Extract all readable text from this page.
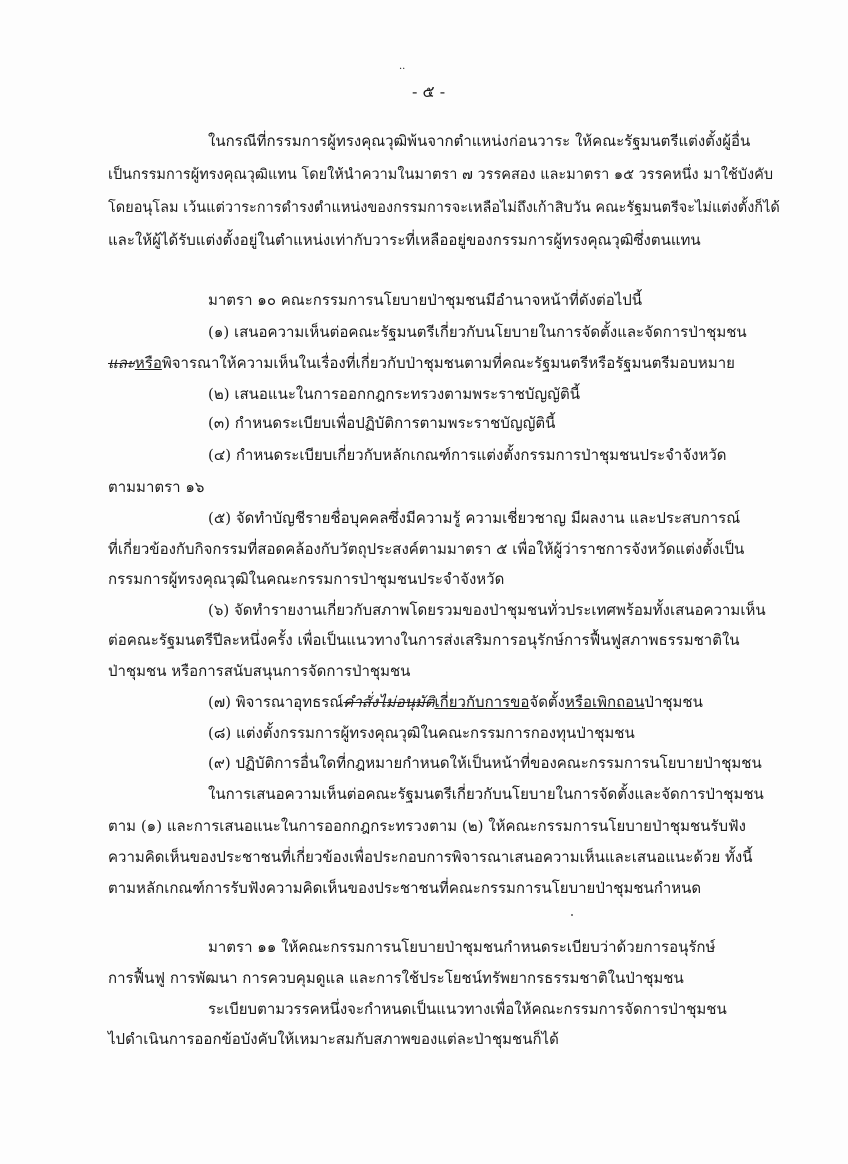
..
- ๕ -
ในกรณีที่กรรมการผู้ทรงคุณวุฒิพ้นจากตำแหน่งก่อนวาระ ให้คณะรัฐมนตรีแต่งตั้งผู้อื่น
เป็นกรรมการผู้ทรงคุณวุฒิแทน โดยให้นำความในมาตรา ๗ วรรคสอง และมาตรา ๑๕ วรรคหนึ่ง มาใช้บังคับ
โดยอนุโลม เว้นแต่วาระการดำรงตำแหน่งของกรรมการจะเหลือไม่ถึงเก้าสิบวัน คณะรัฐมนตรีจะไม่แต่งตั้งก็ได้
และให้ผู้ได้รับแต่งตั้งอยู่ในตำแหน่งเท่ากับวาระที่เหลืออยู่ของกรรมการผู้ทรงคุณวุฒิซึ่งตนแทน
มาตรา ๑๐ คณะกรรมการนโยบายป่าชุมชนมีอำนาจหน้าที่ดังต่อไปนี้
(๑) เสนอความเห็นต่อคณะรัฐมนตรีเกี่ยวกับนโยบายในการจัดตั้งและจัดการป่าชุมชน
และหรือพิจารณาให้ความเห็นในเรื่องที่เกี่ยวกับป่าชุมชนตามที่คณะรัฐมนตรีหรือรัฐมนตรีมอบหมาย
(๒) เสนอแนะในการออกกฎกระทรวงตามพระราชบัญญัตินี้
(๓) กำหนดระเบียบเพื่อปฏิบัติการตามพระราชบัญญัตินี้
(๔) กำหนดระเบียบเกี่ยวกับหลักเกณฑ์การแต่งตั้งกรรมการป่าชุมชนประจำจังหวัด
ตามมาตรา ๑๖
(๕) จัดทำบัญชีรายชื่อบุคคลซึ่งมีความรู้ ความเชี่ยวชาญ มีผลงาน และประสบการณ์
ที่เกี่ยวข้องกับกิจกรรมที่สอดคล้องกับวัตถุประสงค์ตามมาตรา ๕ เพื่อให้ผู้ว่าราชการจังหวัดแต่งตั้งเป็น
กรรมการผู้ทรงคุณวุฒิในคณะกรรมการป่าชุมชนประจำจังหวัด
(๖) จัดทำรายงานเกี่ยวกับสภาพโดยรวมของป่าชุมชนทั่วประเทศพร้อมทั้งเสนอความเห็น
ต่อคณะรัฐมนตรีปีละหนึ่งครั้ง เพื่อเป็นแนวทางในการส่งเสริมการอนุรักษ์การฟื้นฟูสภาพธรรมชาติใน
ป่าชุมชน หรือการสนับสนุนการจัดการป่าชุมชน
(๗) พิจารณาอุทธรณ์คำสั่งไม่อนุมัติเกี่ยวกับการขอจัดตั้งหรือเพิกถอนป่าชุมชน
(๘) แต่งตั้งกรรมการผู้ทรงคุณวุฒิในคณะกรรมการกองทุนป่าชุมชน
(๙) ปฏิบัติการอื่นใดที่กฎหมายกำหนดให้เป็นหน้าที่ของคณะกรรมการนโยบายป่าชุมชน
ในการเสนอความเห็นต่อคณะรัฐมนตรีเกี่ยวกับนโยบายในการจัดตั้งและจัดการป่าชุมชน
ตาม (๑) และการเสนอแนะในการออกกฎกระทรวงตาม (๒) ให้คณะกรรมการนโยบายป่าชุมชนรับฟัง
ความคิดเห็นของประชาชนที่เกี่ยวข้องเพื่อประกอบการพิจารณาเสนอความเห็นและเสนอแนะด้วย ทั้งนี้
ตามหลักเกณฑ์การรับฟังความคิดเห็นของประชาชนที่คณะกรรมการนโยบายป่าชุมชนกำหนด
มาตรา ๑๑ ให้คณะกรรมการนโยบายป่าชุมชนกำหนดระเบียบว่าด้วยการอนุรักษ์
การฟื้นฟู การพัฒนา การควบคุมดูแล และการใช้ประโยชน์ทรัพยากรธรรมชาติในป่าชุมชน
ระเบียบตามวรรคหนึ่งจะกำหนดเป็นแนวทางเพื่อให้คณะกรรมการจัดการป่าชุมชน
ไปดำเนินการออกข้อบังคับให้เหมาะสมกับสภาพของแต่ละป่าชุมชนก็ได้
